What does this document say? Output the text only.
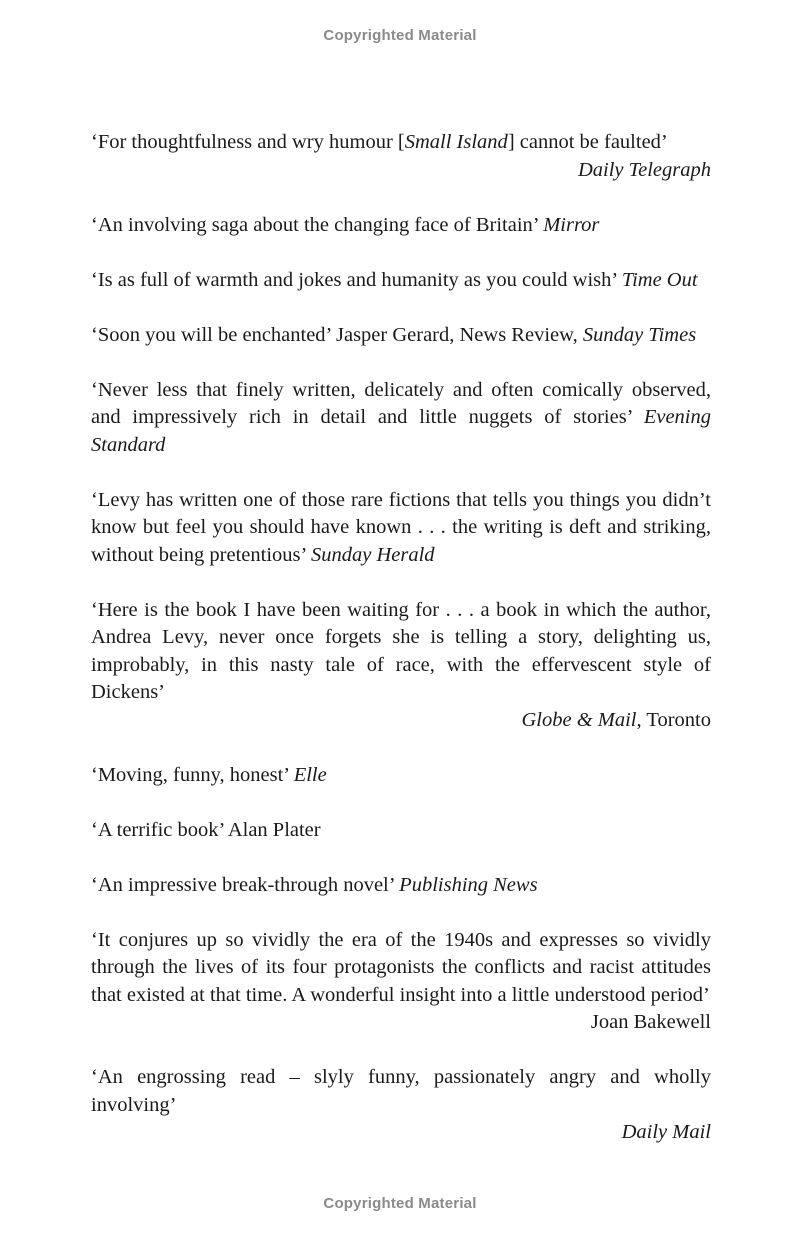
Copyrighted Material

‘For thoughtfulness and wry humour [Small Island] cannot be faulted’
Daily Telegraph

‘An involving saga about the changing face of Britain’ Mirror

‘Is as full of warmth and jokes and humanity as you could wish’ Time Out

‘Soon you will be enchanted’ Jasper Gerard, News Review, Sunday Times

‘Never less that finely written, delicately and often comically observed, and impressively rich in detail and little nuggets of stories’ Evening Standard

‘Levy has written one of those rare fictions that tells you things you didn’t know but feel you should have known . . . the writing is deft and striking, without being pretentious’ Sunday Herald

‘Here is the book I have been waiting for . . . a book in which the author, Andrea Levy, never once forgets she is telling a story, delighting us, improbably, in this nasty tale of race, with the effervescent style of Dickens’
Globe & Mail, Toronto

‘Moving, funny, honest’ Elle

‘A terrific book’ Alan Plater

‘An impressive break-through novel’ Publishing News

‘It conjures up so vividly the era of the 1940s and expresses so vividly through the lives of its four protagonists the conflicts and racist attitudes that existed at that time. A wonderful insight into a little understood period’
Joan Bakewell

‘An engrossing read – slyly funny, passionately angry and wholly involving’
Daily Mail

Copyrighted Material
